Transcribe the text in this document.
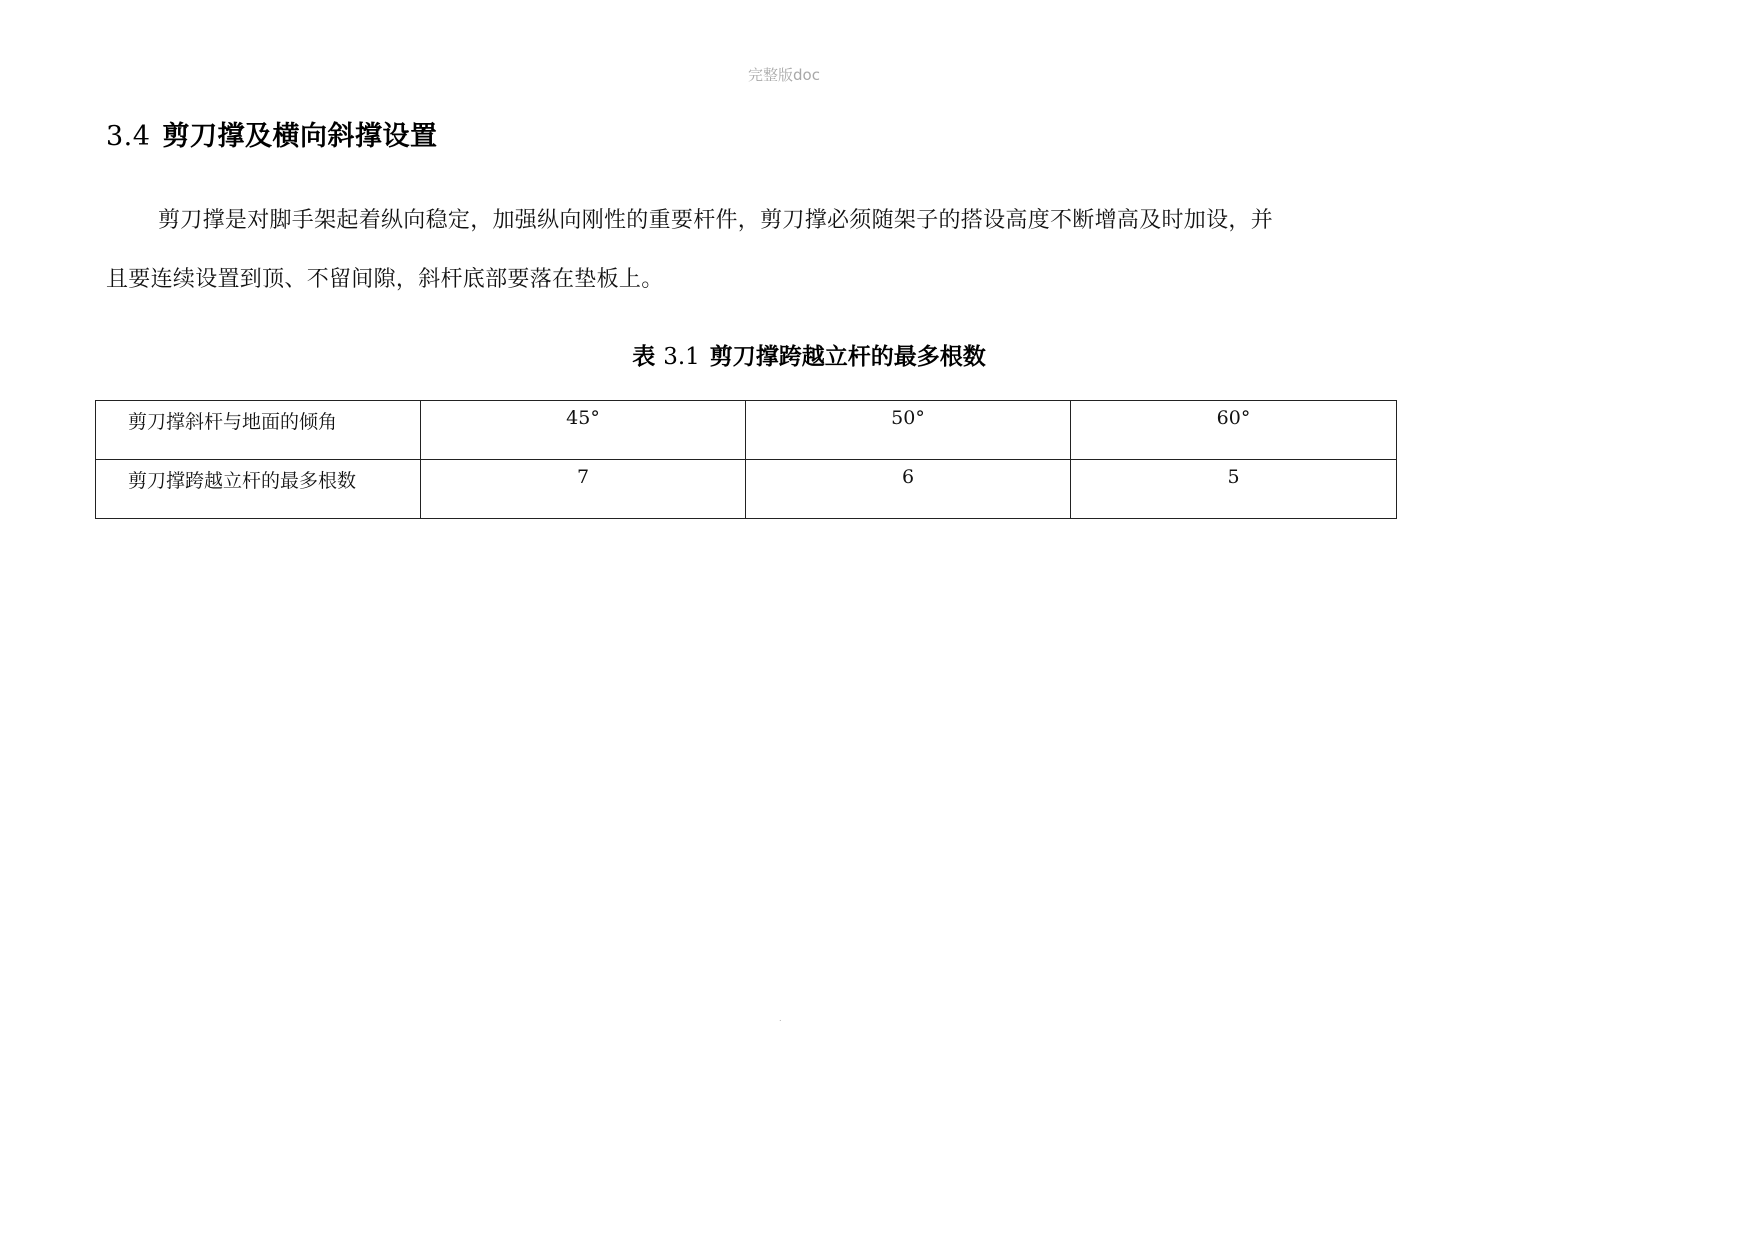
完整版doc
3.4 剪刀撑及横向斜撑设置
剪刀撑是对脚手架起着纵向稳定，加强纵向刚性的重要杆件，剪刀撑必须随架子的搭设高度不断增高及时加设，并
且要连续设置到顶、不留间隙，斜杆底部要落在垫板上。
表 3.1 剪刀撑跨越立杆的最多根数
剪刀撑斜杆与地面的倾角	45°	50°	60°
剪刀撑跨越立杆的最多根数	7	6	5
.
